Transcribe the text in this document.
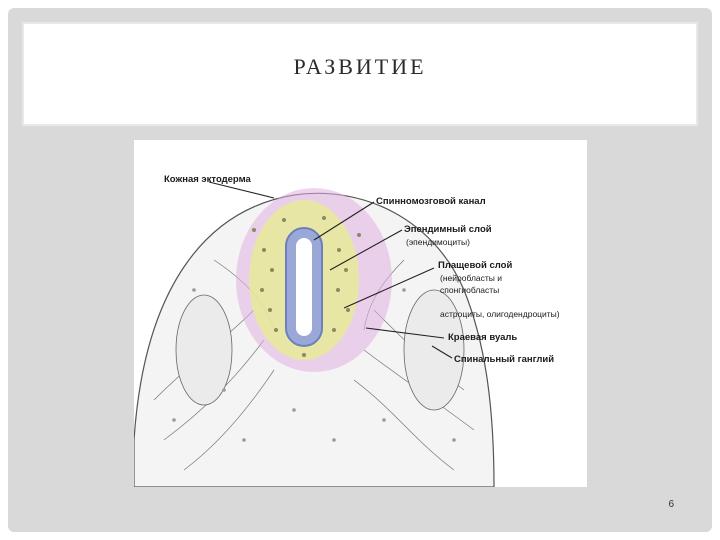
РАЗВИТИЕ
Кожная эктодерма
Спинномозговой канал
Эпендимный слой
(эпендимоциты)
Плащевой слой
(нейробласты и
спонгиобласты
астроциты, олигодендроциты)
Краевая вуаль
Спинальный ганглий
6
